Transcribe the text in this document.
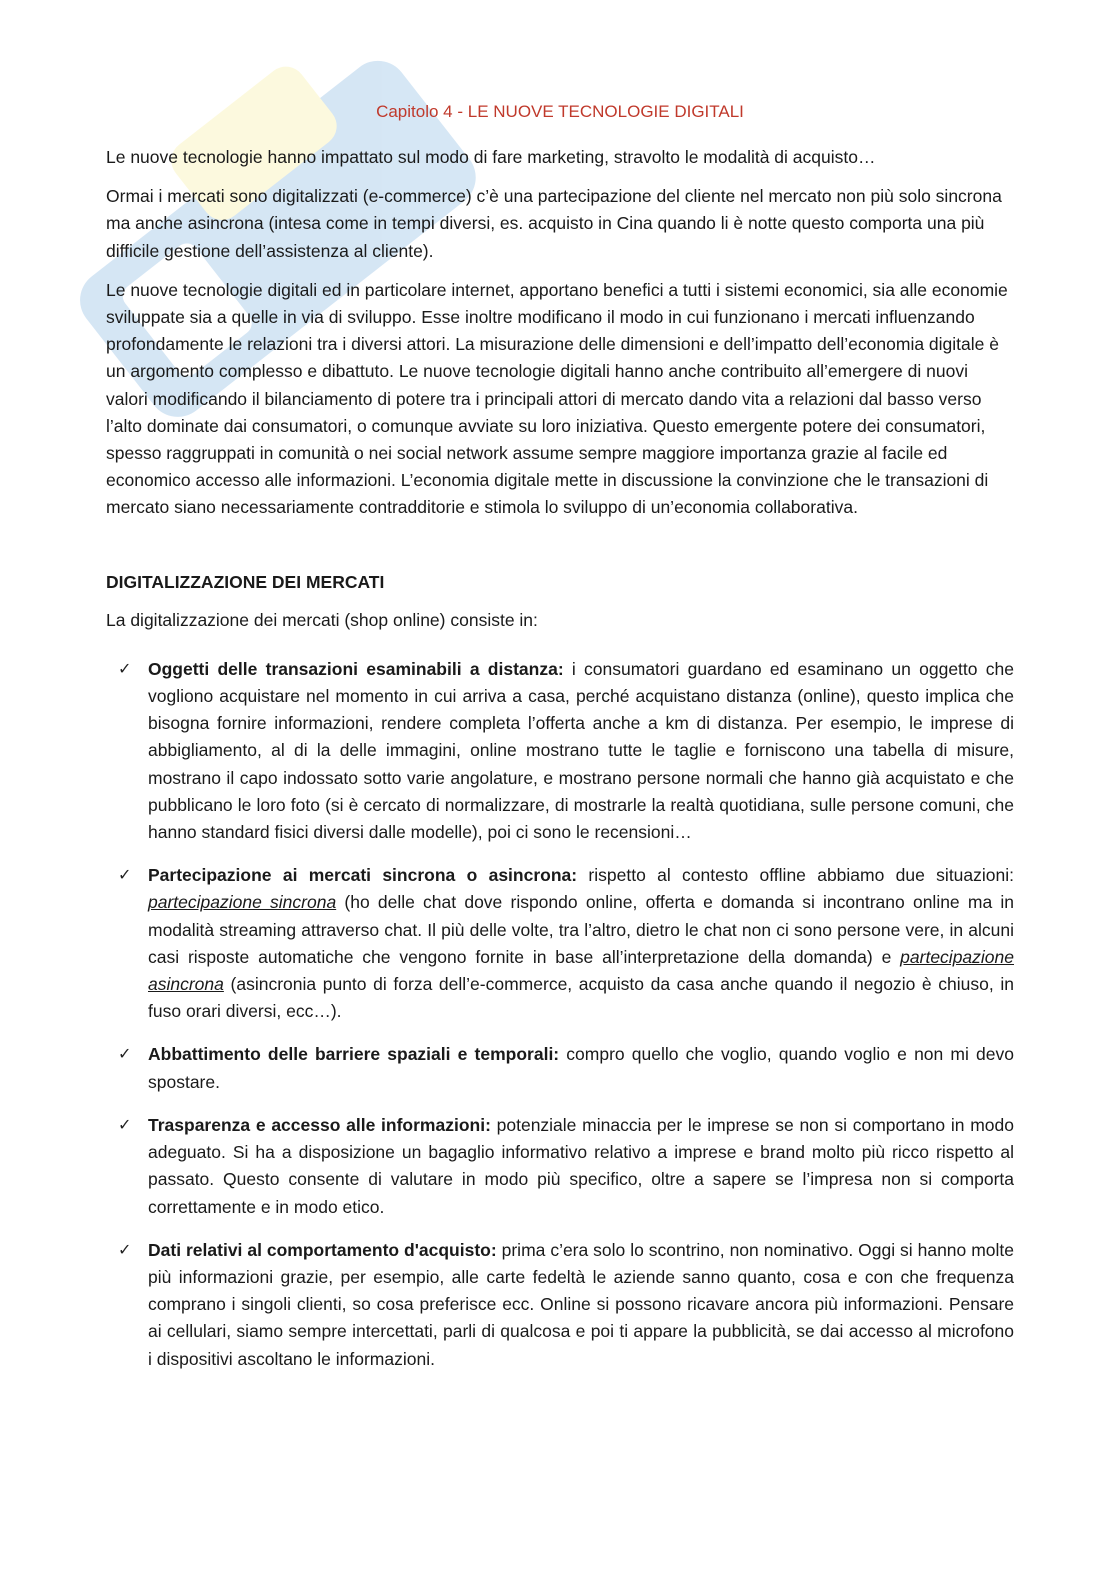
Capitolo 4 - LE NUOVE TECNOLOGIE DIGITALI

Le nuove tecnologie hanno impattato sul modo di fare marketing, stravolto le modalità di acquisto…

Ormai i mercati sono digitalizzati (e-commerce) c’è una partecipazione del cliente nel mercato non più solo sincrona ma anche asincrona (intesa come in tempi diversi, es. acquisto in Cina quando li è notte questo comporta una più difficile gestione dell’assistenza al cliente).

Le nuove tecnologie digitali ed in particolare internet, apportano benefici a tutti i sistemi economici, sia alle economie sviluppate sia a quelle in via di sviluppo. Esse inoltre modificano il modo in cui funzionano i mercati influenzando profondamente le relazioni tra i diversi attori. La misurazione delle dimensioni e dell’impatto dell’economia digitale è un argomento complesso e dibattuto. Le nuove tecnologie digitali hanno anche contribuito all’emergere di nuovi valori modificando il bilanciamento di potere tra i principali attori di mercato dando vita a relazioni dal basso verso l’alto dominate dai consumatori, o comunque avviate su loro iniziativa. Questo emergente potere dei consumatori, spesso raggruppati in comunità o nei social network assume sempre maggiore importanza grazie al facile ed economico accesso alle informazioni. L’economia digitale mette in discussione la convinzione che le transazioni di mercato siano necessariamente contradditorie e stimola lo sviluppo di un’economia collaborativa.

DIGITALIZZAZIONE DEI MERCATI

La digitalizzazione dei mercati (shop online) consiste in:

✓ Oggetti delle transazioni esaminabili a distanza: i consumatori guardano ed esaminano un oggetto che vogliono acquistare nel momento in cui arriva a casa, perché acquistano distanza (online), questo implica che bisogna fornire informazioni, rendere completa l’offerta anche a km di distanza. Per esempio, le imprese di abbigliamento, al di la delle immagini, online mostrano tutte le taglie e forniscono una tabella di misure, mostrano il capo indossato sotto varie angolature, e mostrano persone normali che hanno già acquistato e che pubblicano le loro foto (si è cercato di normalizzare, di mostrarle la realtà quotidiana, sulle persone comuni, che hanno standard fisici diversi dalle modelle), poi ci sono le recensioni…
✓ Partecipazione ai mercati sincrona o asincrona: rispetto al contesto offline abbiamo due situazioni: partecipazione sincrona (ho delle chat dove rispondo online, offerta e domanda si incontrano online ma in modalità streaming attraverso chat. Il più delle volte, tra l’altro, dietro le chat non ci sono persone vere, in alcuni casi risposte automatiche che vengono fornite in base all’interpretazione della domanda) e partecipazione asincrona (asincronia punto di forza dell’e-commerce, acquisto da casa anche quando il negozio è chiuso, in fuso orari diversi, ecc…).
✓ Abbattimento delle barriere spaziali e temporali: compro quello che voglio, quando voglio e non mi devo spostare.
✓ Trasparenza e accesso alle informazioni: potenziale minaccia per le imprese se non si comportano in modo adeguato. Si ha a disposizione un bagaglio informativo relativo a imprese e brand molto più ricco rispetto al passato. Questo consente di valutare in modo più specifico, oltre a sapere se l’impresa non si comporta correttamente e in modo etico.
✓ Dati relativi al comportamento d'acquisto: prima c’era solo lo scontrino, non nominativo. Oggi si hanno molte più informazioni grazie, per esempio, alle carte fedeltà le aziende sanno quanto, cosa e con che frequenza comprano i singoli clienti, so cosa preferisce ecc. Online si possono ricavare ancora più informazioni. Pensare ai cellulari, siamo sempre intercettati, parli di qualcosa e poi ti appare la pubblicità, se dai accesso al microfono i dispositivi ascoltano le informazioni.
